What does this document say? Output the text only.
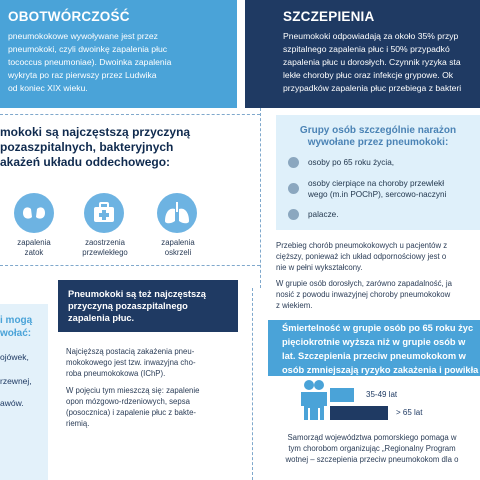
OBOTWÓRCZOŚĆ
pneumokokowe wywoływane jest przez
pneumokoki, czyli dwoinkę zapalenia płuc
tococcus pneumoniae). Dwoinka zapalenia
wykryta po raz pierwszy przez Ludwika
od koniec XIX wieku.
SZCZEPIENIA
Pneumokoki odpowiadają za około 35% przyp
szpitalnego zapalenia płuc i 50% przypadkó
zapalenia płuc u dorosłych. Czynnik ryzyka sta
lekłe choroby płuc oraz infekcje grypowe. Ok
przypadków zapalenia płuc przebiega z bakteri
mokoki są najczęstszą przyczyną
pozaszpitalnych, bakteryjnych
akażeń układu oddechowego:
zapalenia
zatok
zaostrzenia
przewlekłego
zapalenia
oskrzeli
Grupy osób szczególnie narażon
wywołane przez pneumokoki:
osoby po 65 roku życia,
osoby cierpiące na choroby przewlekł
wego (m.in POChP), sercowo-naczyni
palacze.
Przebieg chorób pneumokokowych u pacjentów z
cięższy, ponieważ ich układ odpornościowy jest o
nie w pełni wykształcony.
W grupie osób dorosłych, zarówno zapadalność, ja
nosić z powodu inwazyjnej choroby pneumokokow
z wiekiem.
Pneumokoki są też najczęstszą
przyczyną pozaszpitalnego
zapalenia płuc.
Najcięższą postacią zakażenia pneu-
mokokowego jest tzw. inwazyjna cho-
roba pneumokokowa (IChP).
W pojęciu tym mieszczą się: zapalenie
opon mózgowo-rdzeniowych, sepsa
(posocznica) i zapalenie płuc z bakte-
riemią.
i mogą
wołać:
ojówek,
rzewnej,
awów.
Śmiertelność w grupie osób po 65 roku życ
pięciokrotnie wyższa niż w grupie osób w
lat. Szczepienia przeciw pneumokokom w
osób zmniejszają ryzyko zakażenia i powikła
35-49 lat
> 65 lat
Samorząd województwa pomorskiego pomaga w
tym chorobom organizując „Regionalny Program
wotnej – szczepienia przeciw pneumokokom dla o
